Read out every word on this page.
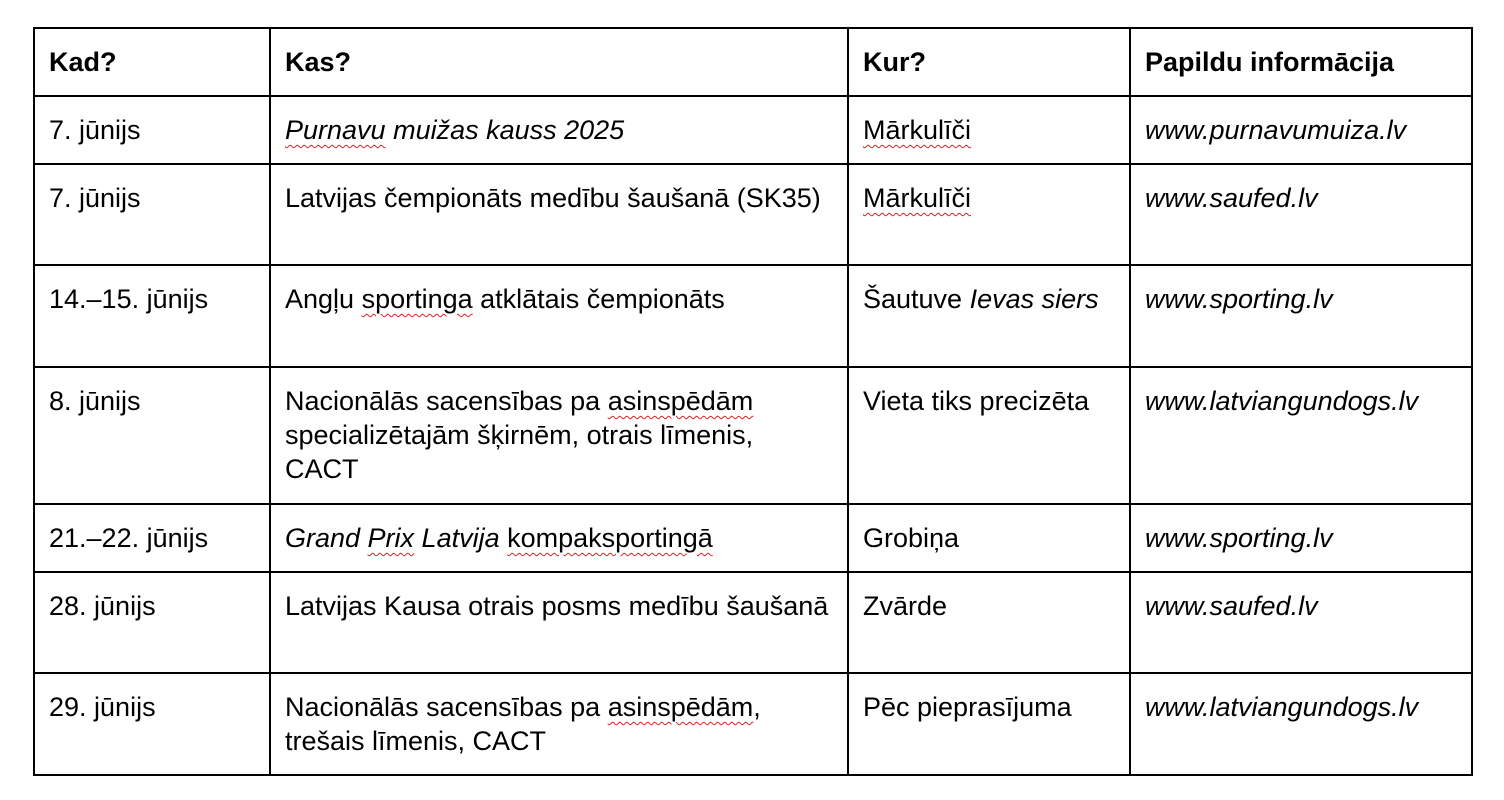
Kad?	Kas?	Kur?	Papildu informācija
7. jūnijs	Purnavu muižas kauss 2025	Mārkulīči	www.purnavumuiza.lv
7. jūnijs	Latvijas čempionāts medību šaušanā (SK35)	Mārkulīči	www.saufed.lv
14.–15. jūnijs	Angļu sportinga atklātais čempionāts	Šautuve Ievas siers	www.sporting.lv
8. jūnijs	Nacionālās sacensības pa asinspēdām specializētajām šķirnēm, otrais līmenis, CACT	Vieta tiks precizēta	www.latviangundogs.lv
21.–22. jūnijs	Grand Prix Latvija kompaksportingā	Grobiņa	www.sporting.lv
28. jūnijs	Latvijas Kausa otrais posms medību šaušanā	Zvārde	www.saufed.lv
29. jūnijs	Nacionālās sacensības pa asinspēdām, trešais līmenis, CACT	Pēc pieprasījuma	www.latviangundogs.lv
